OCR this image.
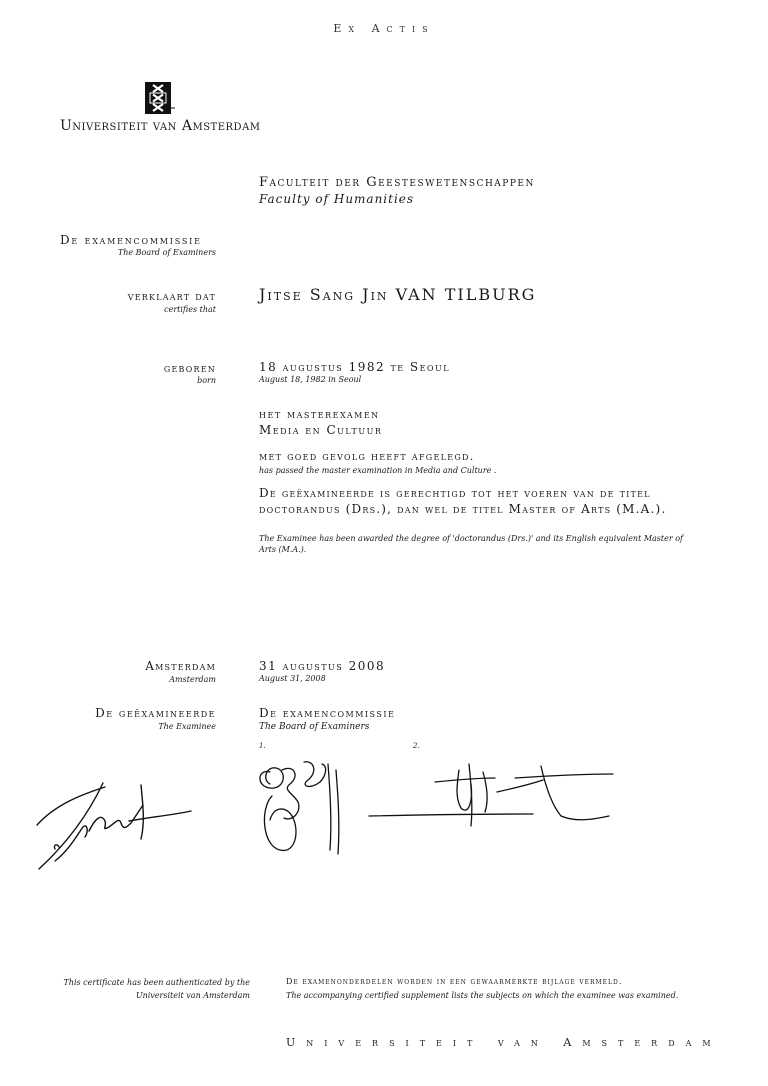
Ex Actis
Universiteit van Amsterdam
Faculteit der Geesteswetenschappen
Faculty of Humanities
De examencommissie
The Board of Examiners
verklaart dat
certifies that
Jitse Sang Jin VAN TILBURG
geboren
born
18 augustus 1982 te Seoul
August 18, 1982 in Seoul
het masterexamen
Media en Cultuur
met goed gevolg heeft afgelegd.
has passed the master examination in Media and Culture .
De geëxamineerde is gerechtigd tot het voeren van de titel doctorandus (Drs.), dan wel de titel Master of Arts (M.A.).
The Examinee has been awarded the degree of 'doctorandus (Drs.)' and its English equivalent Master of Arts (M.A.).
Amsterdam
Amsterdam
31 augustus 2008
August 31, 2008
De geëxamineerde
The Examinee
De examencommissie
The Board of Examiners
1.	2.
This certificate has been authenticated by the Universiteit van Amsterdam
De examenonderdelen worden in een gewaarmerkte bijlage vermeld.
The accompanying certified supplement lists the subjects on which the examinee was examined.
Universiteit van Amsterdam
